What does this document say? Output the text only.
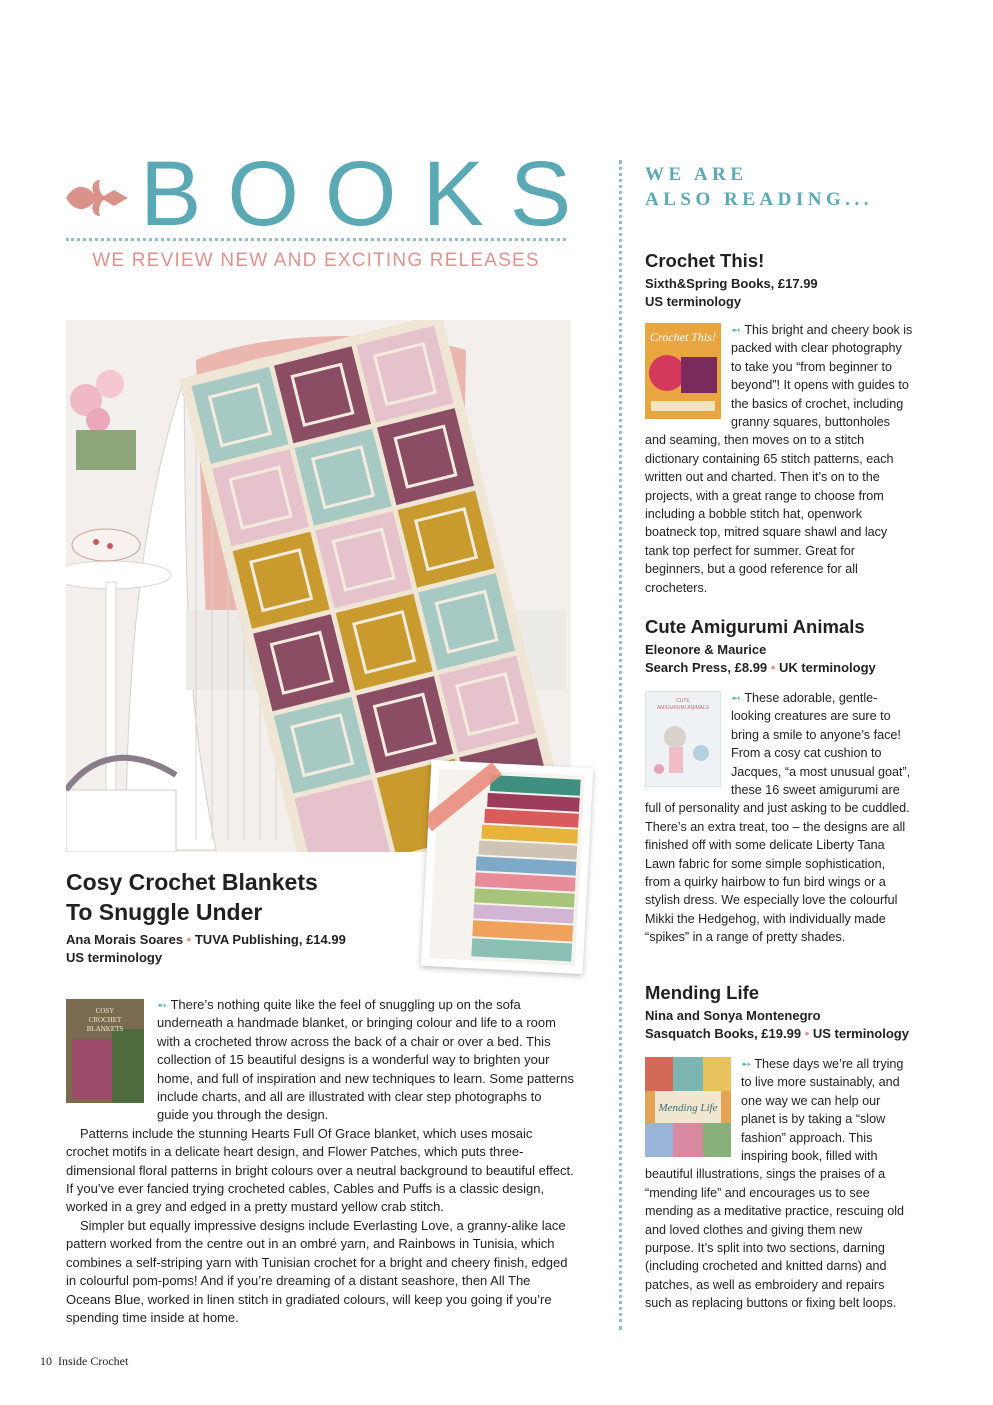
BOOKS
WE REVIEW NEW AND EXCITING RELEASES
Cosy Crochet Blankets
To Snuggle Under
Ana Morais Soares • TUVA Publishing, £14.99
US terminology
COSY
CROCHET
BLANKETS

➻ There’s nothing quite like the feel of snuggling up on the sofa underneath a handmade blanket, or bringing colour and life to a room with a crocheted throw across the back of a chair or over a bed. This collection of 15 beautiful designs is a wonderful way to brighten your home, and full of inspiration and new techniques to learn. Some patterns include charts, and all are illustrated with clear step photographs to guide you through the design.

Patterns include the stunning Hearts Full Of Grace blanket, which uses mosaic crochet motifs in a delicate heart design, and Flower Patches, which puts three-dimensional floral patterns in bright colours over a neutral background to beautiful effect. If you’ve ever fancied trying crocheted cables, Cables and Puffs is a classic design, worked in a grey and edged in a pretty mustard yellow crab stitch.

Simpler but equally impressive designs include Everlasting Love, a granny-alike lace pattern worked from the centre out in an ombré yarn, and Rainbows in Tunisia, which combines a self-striping yarn with Tunisian crochet for a bright and cheery finish, edged in colourful pom-poms! And if you’re dreaming of a distant seashore, then All The Oceans Blue, worked in linen stitch in gradiated colours, will keep you going if you’re spending time inside at home.

WE ARE
ALSO READING...
Crochet This!
Sixth&Spring Books, £17.99
US terminology
Crochet This!	➻ This bright and cheery book is packed with clear photography to take you “from beginner to beyond”! It opens with guides to the basics of crochet, including granny squares, buttonholes and seaming, then moves on to a stitch dictionary containing 65 stitch patterns, each written out and charted. Then it’s on to the projects, with a great range to choose from including a bobble stitch hat, openwork boatneck top, mitred square shawl and lacy tank top perfect for summer. Great for beginners, but a good reference for all crocheters.

Cute Amigurumi Animals
Eleonore & Maurice
Search Press, £8.99 • UK terminology
CUTE
AMIGURUMI ANIMALS

➻ These adorable, gentle-looking creatures are sure to bring a smile to anyone’s face! From a cosy cat cushion to Jacques, “a most unusual goat”, these 16 sweet amigurumi are full of personality and just asking to be cuddled. There’s an extra treat, too – the designs are all finished off with some delicate Liberty Tana Lawn fabric for some simple sophistication, from a quirky hairbow to fun bird wings or a stylish dress. We especially love the colourful Mikki the Hedgehog, with individually made “spikes” in a range of pretty shades.

Mending Life
Nina and Sonya Montenegro
Sasquatch Books, £19.99 • US terminology
Mending Life

➻ These days we’re all trying to live more sustainably, and one way we can help our planet is by taking a “slow fashion” approach. This inspiring book, filled with beautiful illustrations, sings the praises of a “mending life” and encourages us to see mending as a meditative practice, rescuing old and loved clothes and giving them new purpose. It’s split into two sections, darning (including crocheted and knitted darns) and patches, as well as embroidery and repairs such as replacing buttons or fixing belt loops.

10 Inside Crochet
